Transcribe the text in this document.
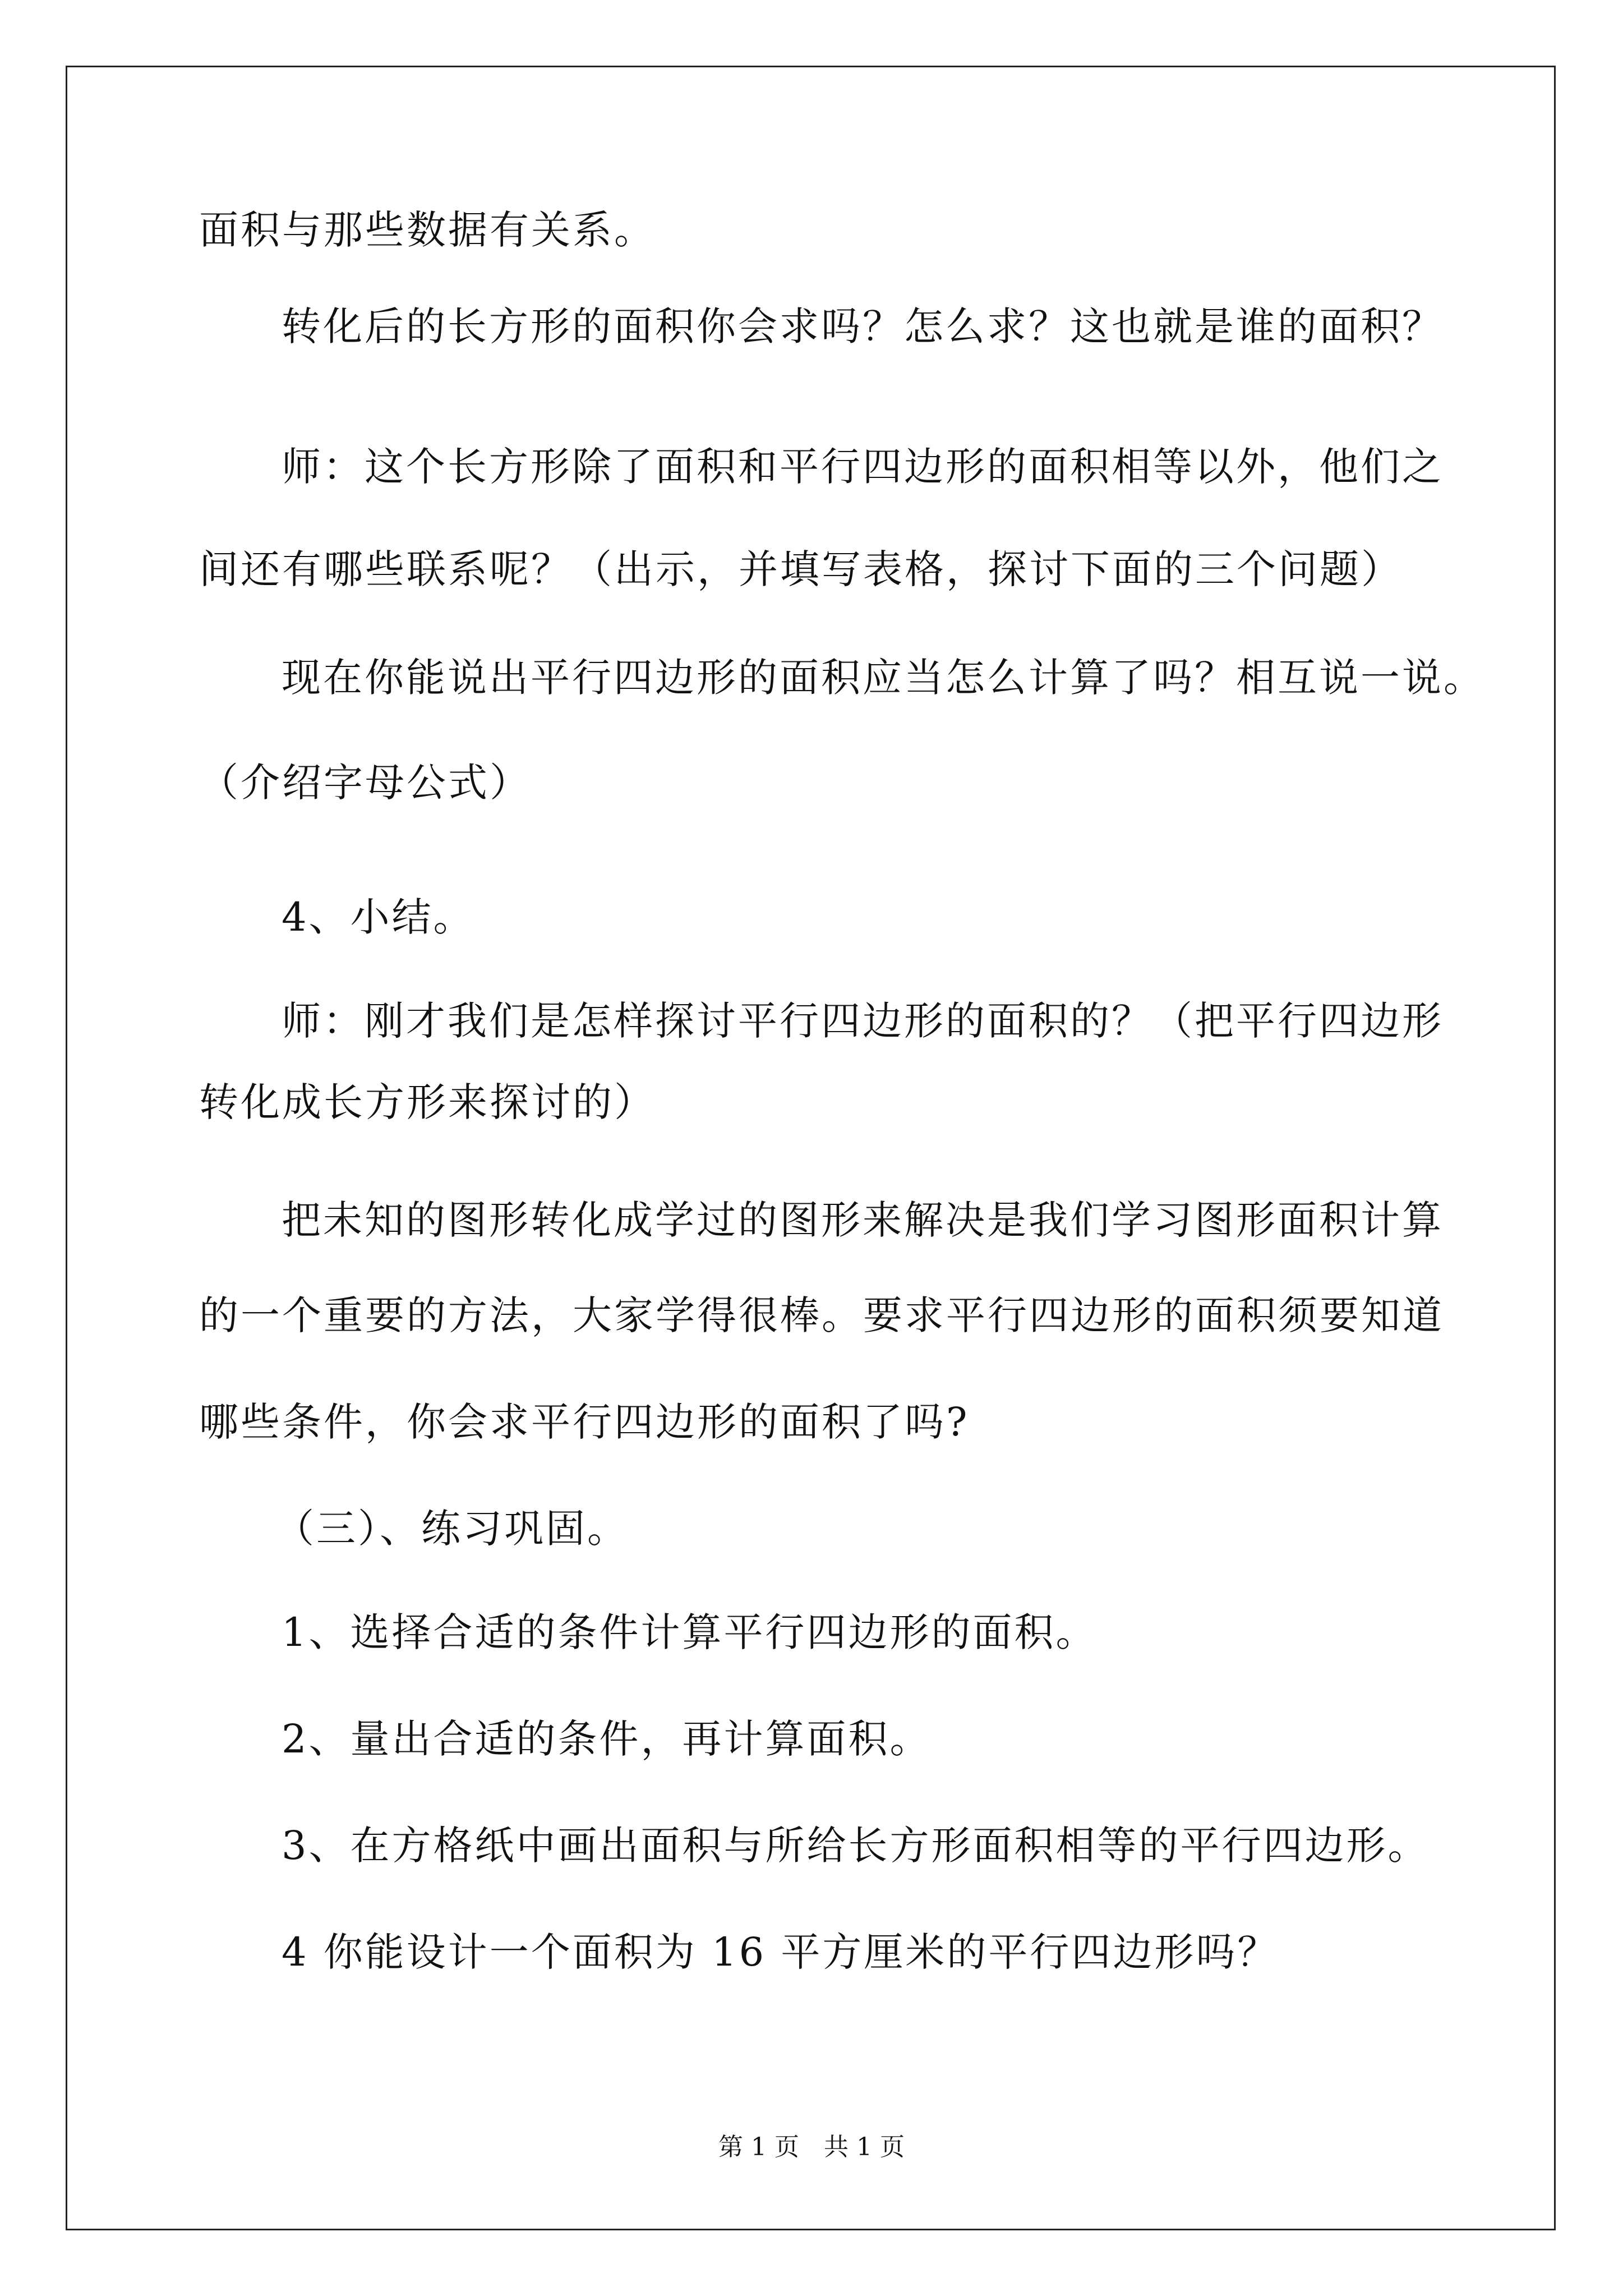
面积与那些数据有关系。
转化后的长方形的面积你会求吗？怎么求？这也就是谁的面积？
师：这个长方形除了面积和平行四边形的面积相等以外，他们之
间还有哪些联系呢？（出示，并填写表格，探讨下面的三个问题）
现在你能说出平行四边形的面积应当怎么计算了吗？相互说一说。
（介绍字母公式）
4、小结。
师：刚才我们是怎样探讨平行四边形的面积的？（把平行四边形
转化成长方形来探讨的）
把未知的图形转化成学过的图形来解决是我们学习图形面积计算
的一个重要的方法，大家学得很棒。要求平行四边形的面积须要知道
哪些条件，你会求平行四边形的面积了吗?
（三）、练习巩固。
1、选择合适的条件计算平行四边形的面积。
2、量出合适的条件，再计算面积。
3、在方格纸中画出面积与所给长方形面积相等的平行四边形。
4 你能设计一个面积为 16 平方厘米的平行四边形吗？
第 1 页　共 1 页
